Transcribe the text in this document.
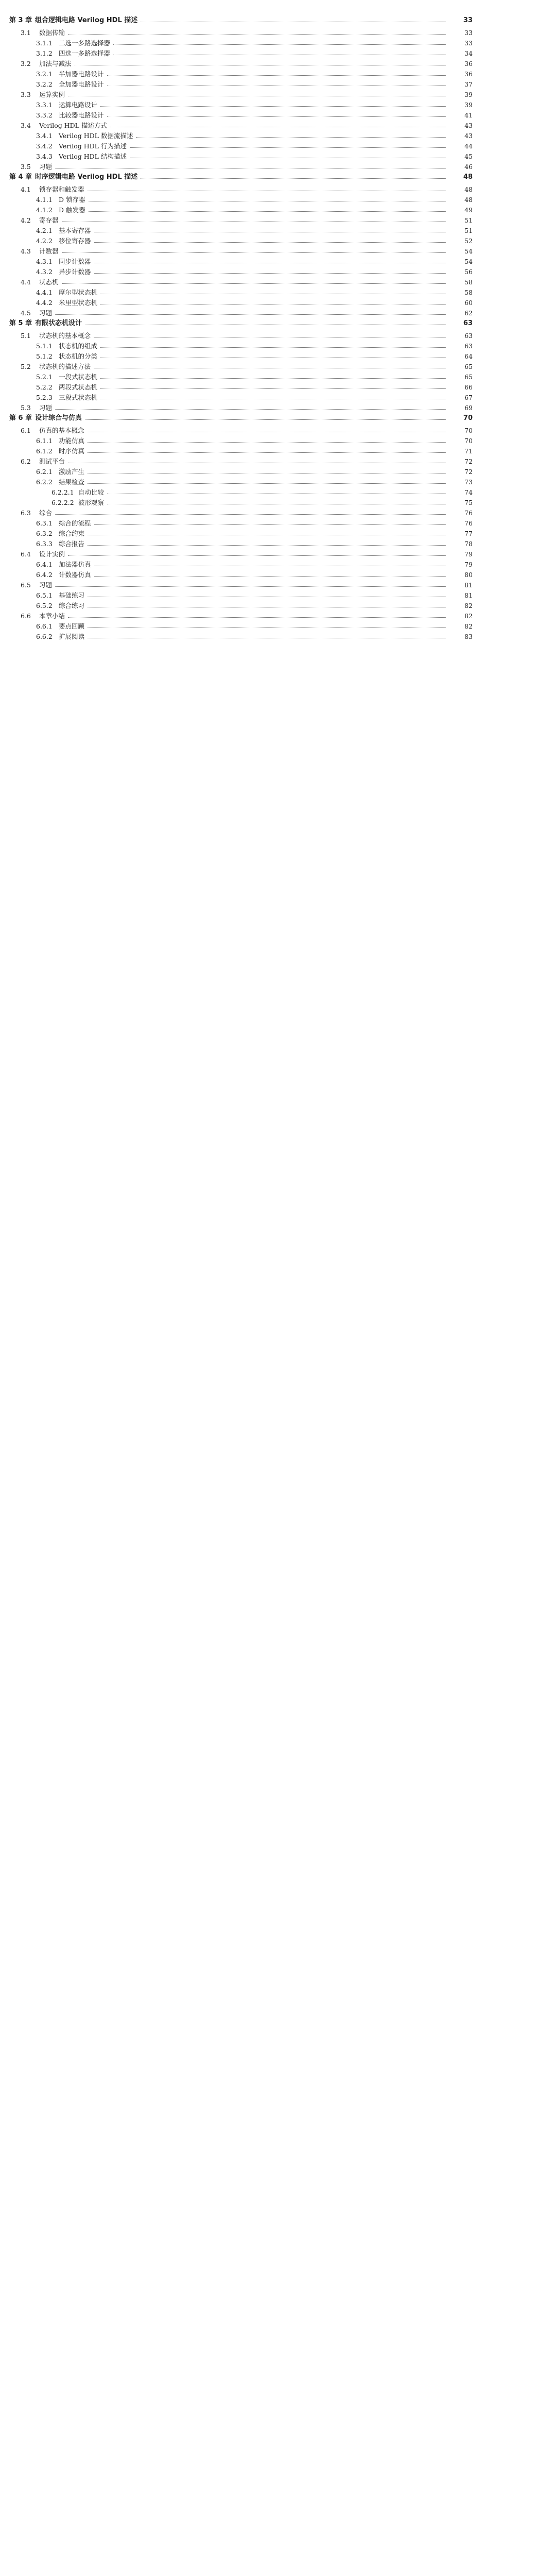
第 3 章 组合逻辑电路 Verilog HDL 描述	33
3.1 数据传输	33
3.1.1 二选一多路选择器	33
3.1.2 四选一多路选择器	34
3.2 加法与减法	36
3.2.1 半加器电路设计	36
3.2.2 全加器电路设计	37
3.3 运算实例	39
3.3.1 运算电路设计	39
3.3.2 比较器电路设计	41
3.4 Verilog HDL 描述方式	43
3.4.1 Verilog HDL 数据流描述	43
3.4.2 Verilog HDL 行为描述	44
3.4.3 Verilog HDL 结构描述	45
3.5 习题	46
第 4 章 时序逻辑电路 Verilog HDL 描述	48
4.1 锁存器和触发器	48
4.1.1 D 锁存器	48
4.1.2 D 触发器	49
4.2 寄存器	51
4.2.1 基本寄存器	51
4.2.2 移位寄存器	52
4.3 计数器	54
4.3.1 同步计数器	54
4.3.2 异步计数器	56
4.4 状态机	58
4.4.1 摩尔型状态机	58
4.4.2 米里型状态机	60
4.5 习题	62
第 5 章 有限状态机设计	63
5.1 状态机的基本概念	63
5.1.1 状态机的组成	63
5.1.2 状态机的分类	64
5.2 状态机的描述方法	65
5.2.1 一段式状态机	65
5.2.2 两段式状态机	66
5.2.3 三段式状态机	67
5.3 习题	69
第 6 章 设计综合与仿真	70
6.1 仿真的基本概念	70
6.1.1 功能仿真	70
6.1.2 时序仿真	71
6.2 测试平台	72
6.2.1 激励产生	72
6.2.2 结果检查	73
6.2.2.1 自动比较	74
6.2.2.2 波形观察	75
6.3 综合	76
6.3.1 综合的流程	76
6.3.2 综合约束	77
6.3.3 综合报告	78
6.4 设计实例	79
6.4.1 加法器仿真	79
6.4.2 计数器仿真	80
6.5 习题	81
6.5.1 基础练习	81
6.5.2 综合练习	82
6.6 本章小结	82
6.6.1 要点回顾	82
6.6.2 扩展阅读	83
